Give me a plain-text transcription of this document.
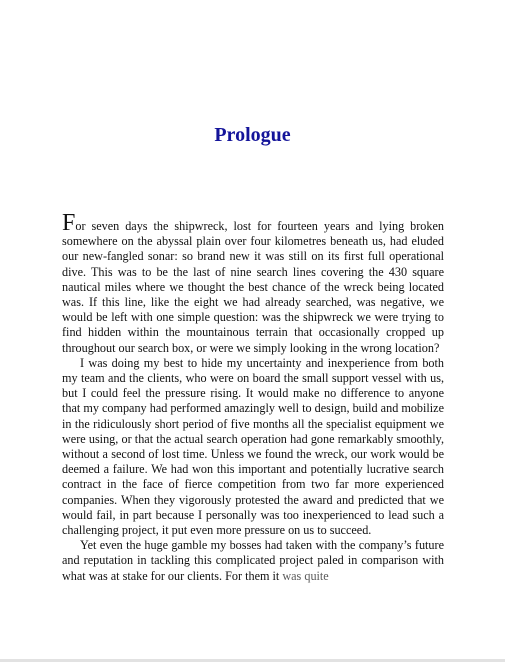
Prologue

For seven days the shipwreck, lost for fourteen years and lying broken somewhere on the abyssal plain over four kilometres beneath us, had eluded our new-fangled sonar: so brand new it was still on its first full operational dive. This was to be the last of nine search lines covering the 430 square nautical miles where we thought the best chance of the wreck being located was. If this line, like the eight we had already searched, was negative, we would be left with one simple question: was the shipwreck we were trying to find hidden within the mountainous terrain that occasionally cropped up throughout our search box, or were we simply looking in the wrong location?

I was doing my best to hide my uncertainty and inexperience from both my team and the clients, who were on board the small support vessel with us, but I could feel the pressure rising. It would make no difference to anyone that my company had performed amazingly well to design, build and mobilize in the ridiculously short period of five months all the specialist equipment we were using, or that the actual search operation had gone remarkably smoothly, without a second of lost time. Unless we found the wreck, our work would be deemed a failure. We had won this important and potentially lucrative search contract in the face of fierce competition from two far more experienced companies. When they vigorously protested the award and predicted that we would fail, in part because I personally was too inexperienced to lead such a challenging project, it put even more pressure on us to succeed.

Yet even the huge gamble my bosses had taken with the company’s future and reputation in tackling this complicated project paled in comparison with what was at stake for our clients. For them it was quite
